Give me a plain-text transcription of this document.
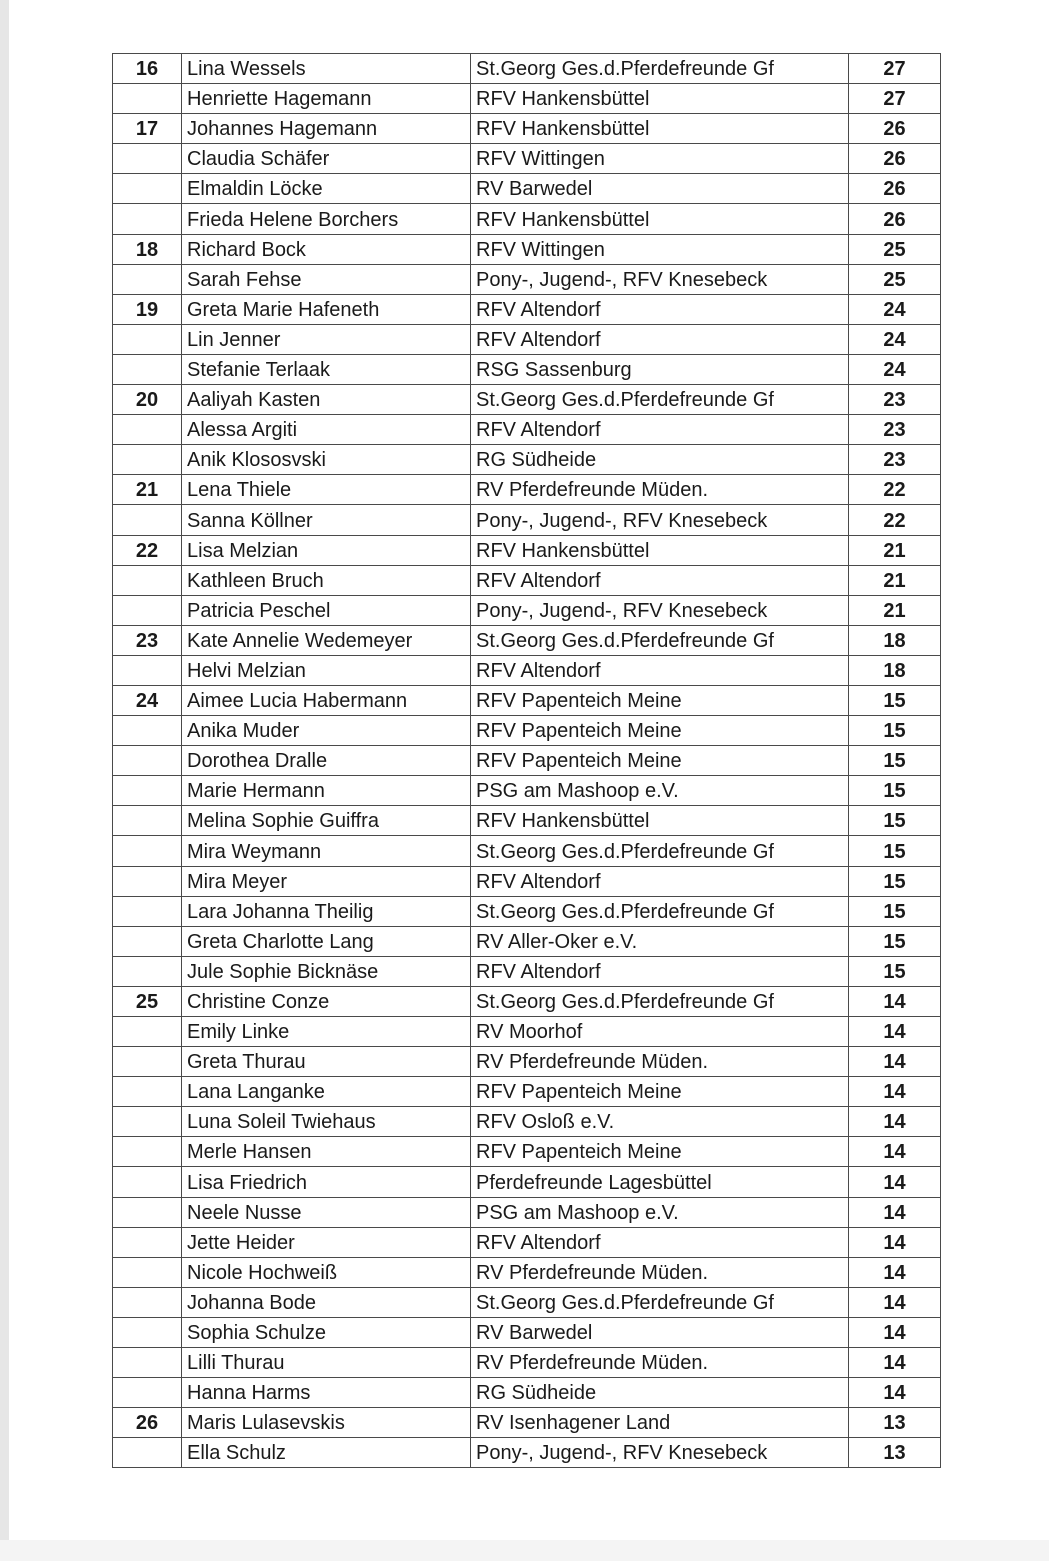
16	Lina Wessels	St.Georg Ges.d.Pferdefreunde Gf	27
	Henriette Hagemann	RFV Hankensbüttel	27
17	Johannes Hagemann	RFV Hankensbüttel	26
	Claudia Schäfer	RFV Wittingen	26
	Elmaldin Löcke	RV Barwedel	26
	Frieda Helene Borchers	RFV Hankensbüttel	26
18	Richard Bock	RFV Wittingen	25
	Sarah Fehse	Pony-, Jugend-, RFV Knesebeck	25
19	Greta Marie Hafeneth	RFV Altendorf	24
	Lin Jenner	RFV Altendorf	24
	Stefanie Terlaak	RSG Sassenburg	24
20	Aaliyah Kasten	St.Georg Ges.d.Pferdefreunde Gf	23
	Alessa Argiti	RFV Altendorf	23
	Anik Klososvski	RG Südheide	23
21	Lena Thiele	RV Pferdefreunde Müden.	22
	Sanna Köllner	Pony-, Jugend-, RFV Knesebeck	22
22	Lisa Melzian	RFV Hankensbüttel	21
	Kathleen Bruch	RFV Altendorf	21
	Patricia Peschel	Pony-, Jugend-, RFV Knesebeck	21
23	Kate Annelie Wedemeyer	St.Georg Ges.d.Pferdefreunde Gf	18
	Helvi Melzian	RFV Altendorf	18
24	Aimee Lucia Habermann	RFV Papenteich Meine	15
	Anika Muder	RFV Papenteich Meine	15
	Dorothea Dralle	RFV Papenteich Meine	15
	Marie Hermann	PSG am Mashoop e.V.	15
	Melina Sophie Guiffra	RFV Hankensbüttel	15
	Mira Weymann	St.Georg Ges.d.Pferdefreunde Gf	15
	Mira Meyer	RFV Altendorf	15
	Lara Johanna Theilig	St.Georg Ges.d.Pferdefreunde Gf	15
	Greta Charlotte Lang	RV Aller-Oker e.V.	15
	Jule Sophie Bicknäse	RFV Altendorf	15
25	Christine Conze	St.Georg Ges.d.Pferdefreunde Gf	14
	Emily Linke	RV Moorhof	14
	Greta Thurau	RV Pferdefreunde Müden.	14
	Lana Langanke	RFV Papenteich Meine	14
	Luna Soleil Twiehaus	RFV Osloß e.V.	14
	Merle Hansen	RFV Papenteich Meine	14
	Lisa Friedrich	Pferdefreunde Lagesbüttel	14
	Neele Nusse	PSG am Mashoop e.V.	14
	Jette Heider	RFV Altendorf	14
	Nicole Hochweiß	RV Pferdefreunde Müden.	14
	Johanna Bode	St.Georg Ges.d.Pferdefreunde Gf	14
	Sophia Schulze	RV Barwedel	14
	Lilli Thurau	RV Pferdefreunde Müden.	14
	Hanna Harms	RG Südheide	14
26	Maris Lulasevskis	RV Isenhagener Land	13
	Ella Schulz	Pony-, Jugend-, RFV Knesebeck	13
